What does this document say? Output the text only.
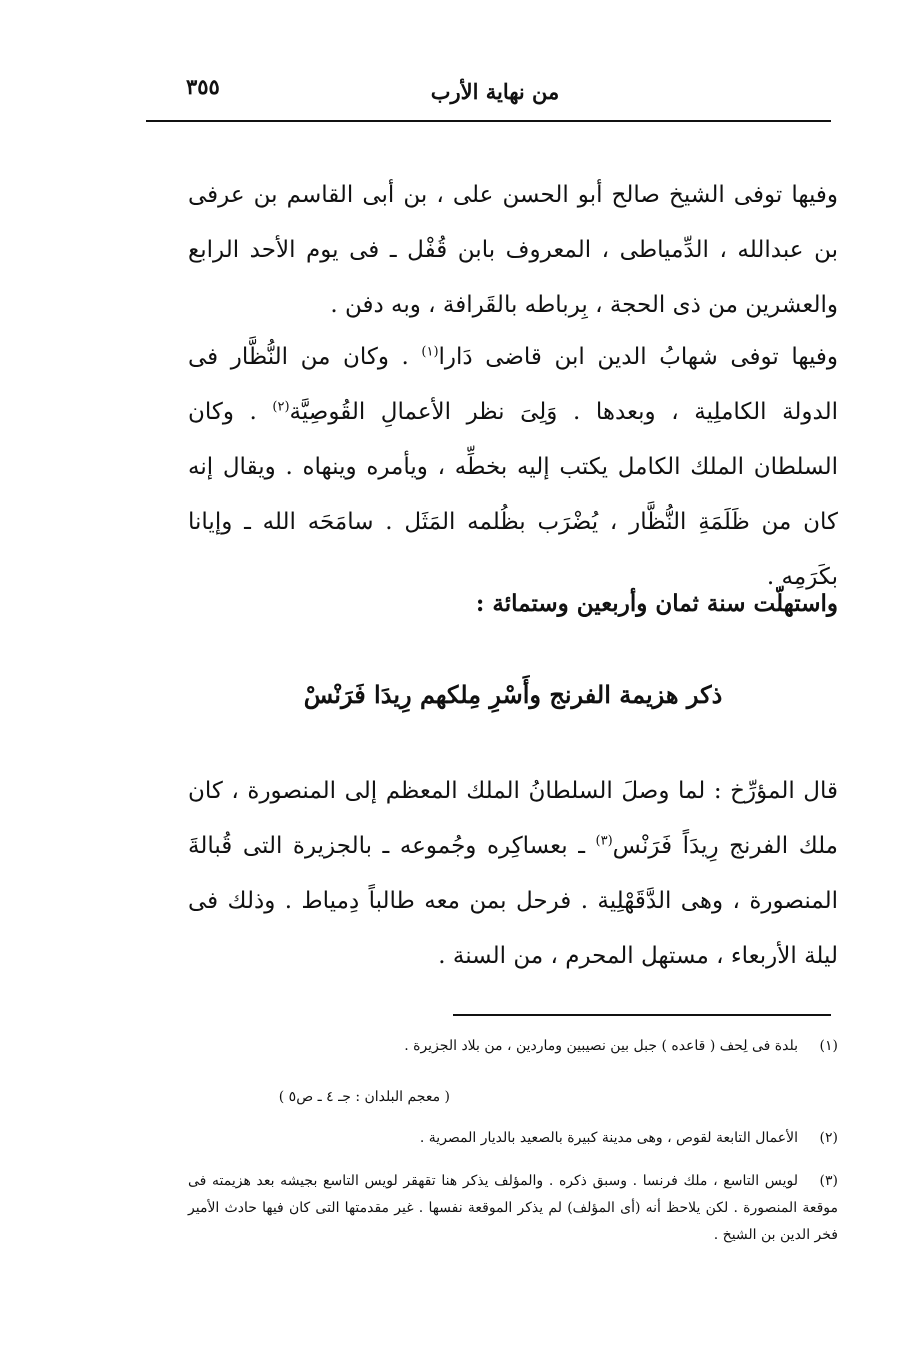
٣٥٥	من نهاية الأرب
وفيها توفى الشيخ صالح أبو الحسن على ، بن أبى القاسم بن عرفى بن عبدالله ، الدِّمياطى ، المعروف بابن قُفْل ـ فى يوم الأحد الرابع والعشرين من ذى الحجة ، بِرباطه بالقَرافة ، وبه دفن .
وفيها توفى شهابُ الدين ابن قاضى دَارا$^{(١)}$ . وكان من النُّظَّار فى الدولة الكاملِية ، وبعدها . وَلِىَ نظر الأعمالِ القُوصِيَّة$^{(٢)}$ . وكان السلطان الملك الكامل يكتب إليه بخطِّه ، ويأمره وينهاه . ويقال إنه كان من ظَلَمَةِ النُّظَّار ، يُضْرَب بظُلمه المَثَل . سامَحَه الله ـ وإيانا بكَرَمِه .
واستهلّت سنة ثمان وأربعين وستمائة :
ذكر هزيمة الفرنج وأَسْرِ مِلكهم رِيدَا فَرَنْسْ
قال المؤرِّخ : لما وصلَ السلطانُ الملك المعظم إلى المنصورة ، كان ملك الفرنج رِيدَاً فَرَنْس$^{(٣)}$ ـ بعساكِره وجُموعه ـ بالجزيرة التى قُبالةَ المنصورة ، وهى الدَّقَهْلِية . فرحل بمن معه طالباً دِمياط . وذلك فى ليلة الأربعاء ، مستهل المحرم ، من السنة .
(١)بلدة فى لِحف ( قاعده ) جبل بين نصيبين وماردين ، من بلاد الجزيرة .
( معجم البلدان : جـ ٤ ـ ص٥ )
(٢)الأعمال التابعة لقوص ، وهى مدينة كبيرة بالصعيد بالديار المصرية .
(٣)لويس التاسع ، ملك فرنسا . وسبق ذكره . والمؤلف يذكر هنا تقهقر لويس التاسع بجيشه بعد هزيمته فى موقعة المنصورة . لكن يلاحظ أنه (أى المؤلف) لم يذكر الموقعة نفسها . غير مقدمتها التى كان فيها حادث الأمير فخر الدين بن الشيخ .
